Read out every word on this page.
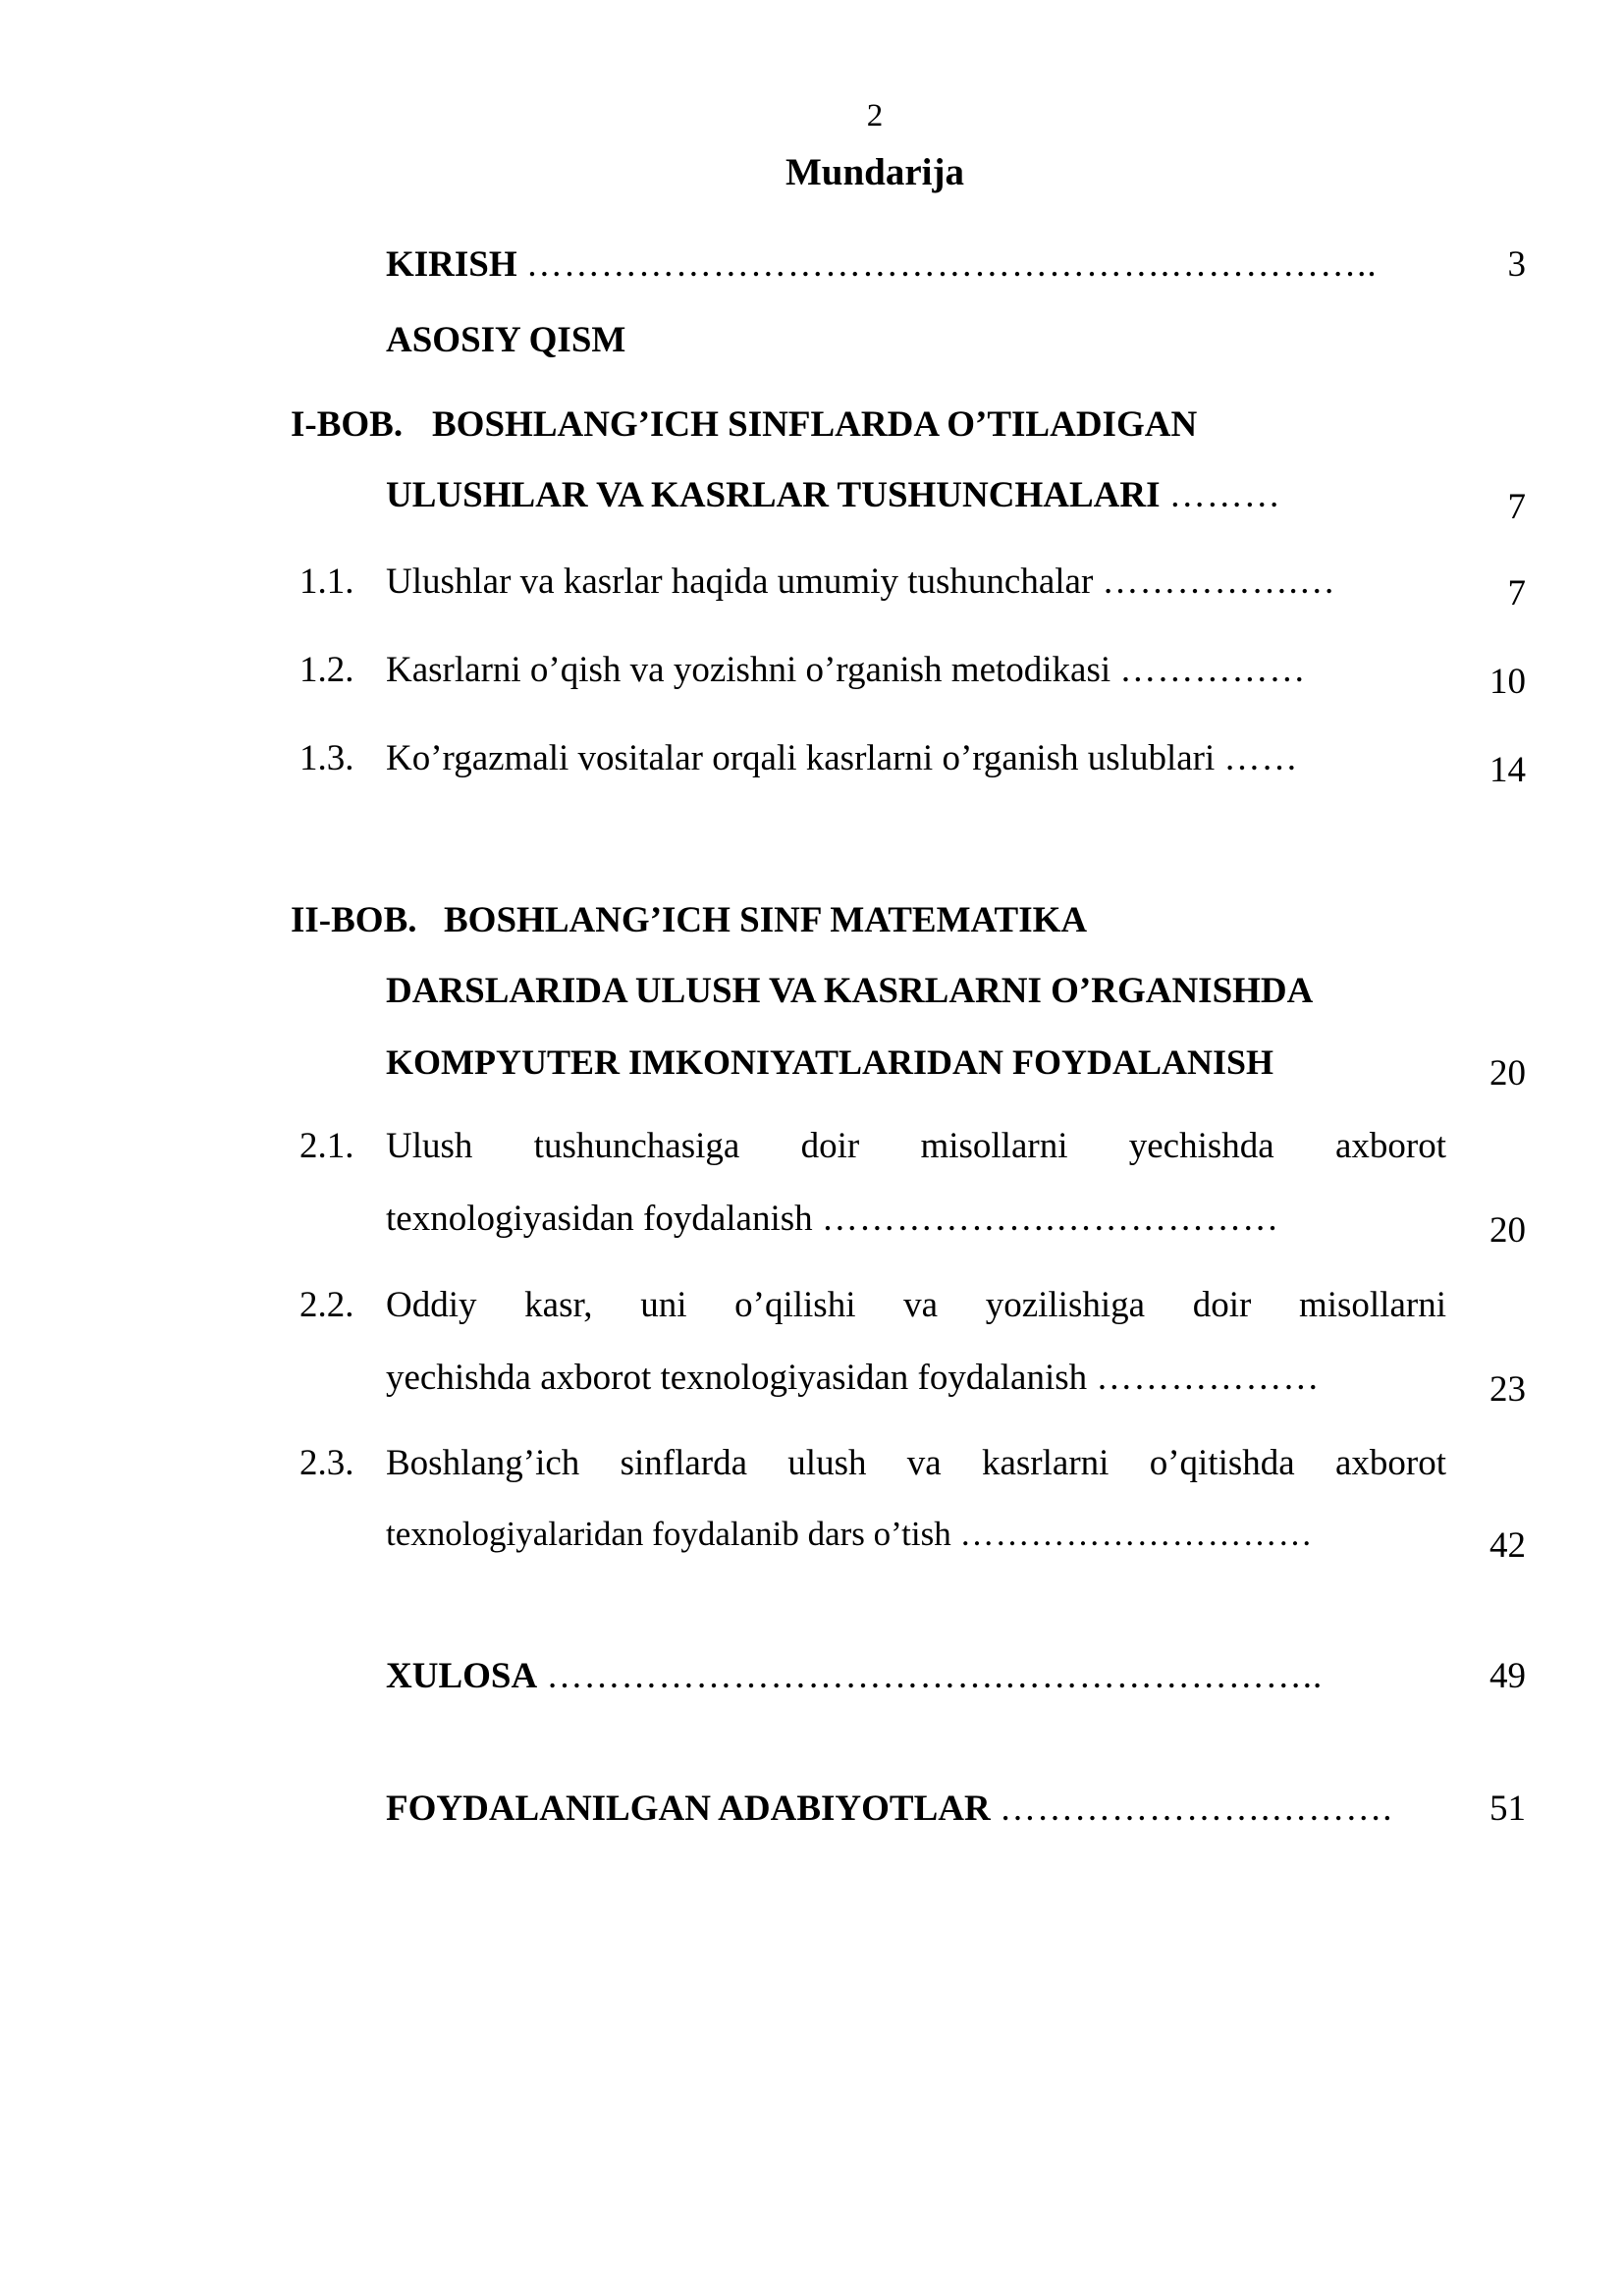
2
Mundarija
KIRISH …………………………………………….……………..	3
ASOSIY QISM
I-BOB. BOSHLANG’ICH SINFLARDA O’TILADIGAN
ULUSHLAR VA KASRLAR TUSHUNCHALARI ………	7
1.1. Ulushlar va kasrlar haqida umumiy tushunchalar …………….…	7
1.2. Kasrlarni o’qish va yozishni o’rganish metodikasi ……………	10
1.3. Ko’rgazmali vositalar orqali kasrlarni o’rganish uslublari ……	14
II-BOB. BOSHLANG’ICH SINF MATEMATIKA
DARSLARIDA ULUSH VA KASRLARNI O’RGANISHDA
KOMPYUTER IMKONIYATLARIDAN FOYDALANISH	20
2.1. Ulush tushunchasiga doir misollarni yechishda axborot
texnologiyasidan foydalanish ……………….………………	20
2.2. Oddiy kasr, uni o’qilishi va yozilishiga doir misollarni
yechishda axborot texnologiyasidan foydalanish ………………	23
2.3. Boshlang’ich sinflarda ulush va kasrlarni o’qitishda axborot
texnologiyalaridan foydalanib dars o’tish …………………………	42
XULOSA ……………………………….……………………..	49
FOYDALANILGAN ADABIYOTLAR ………………….……….	51
